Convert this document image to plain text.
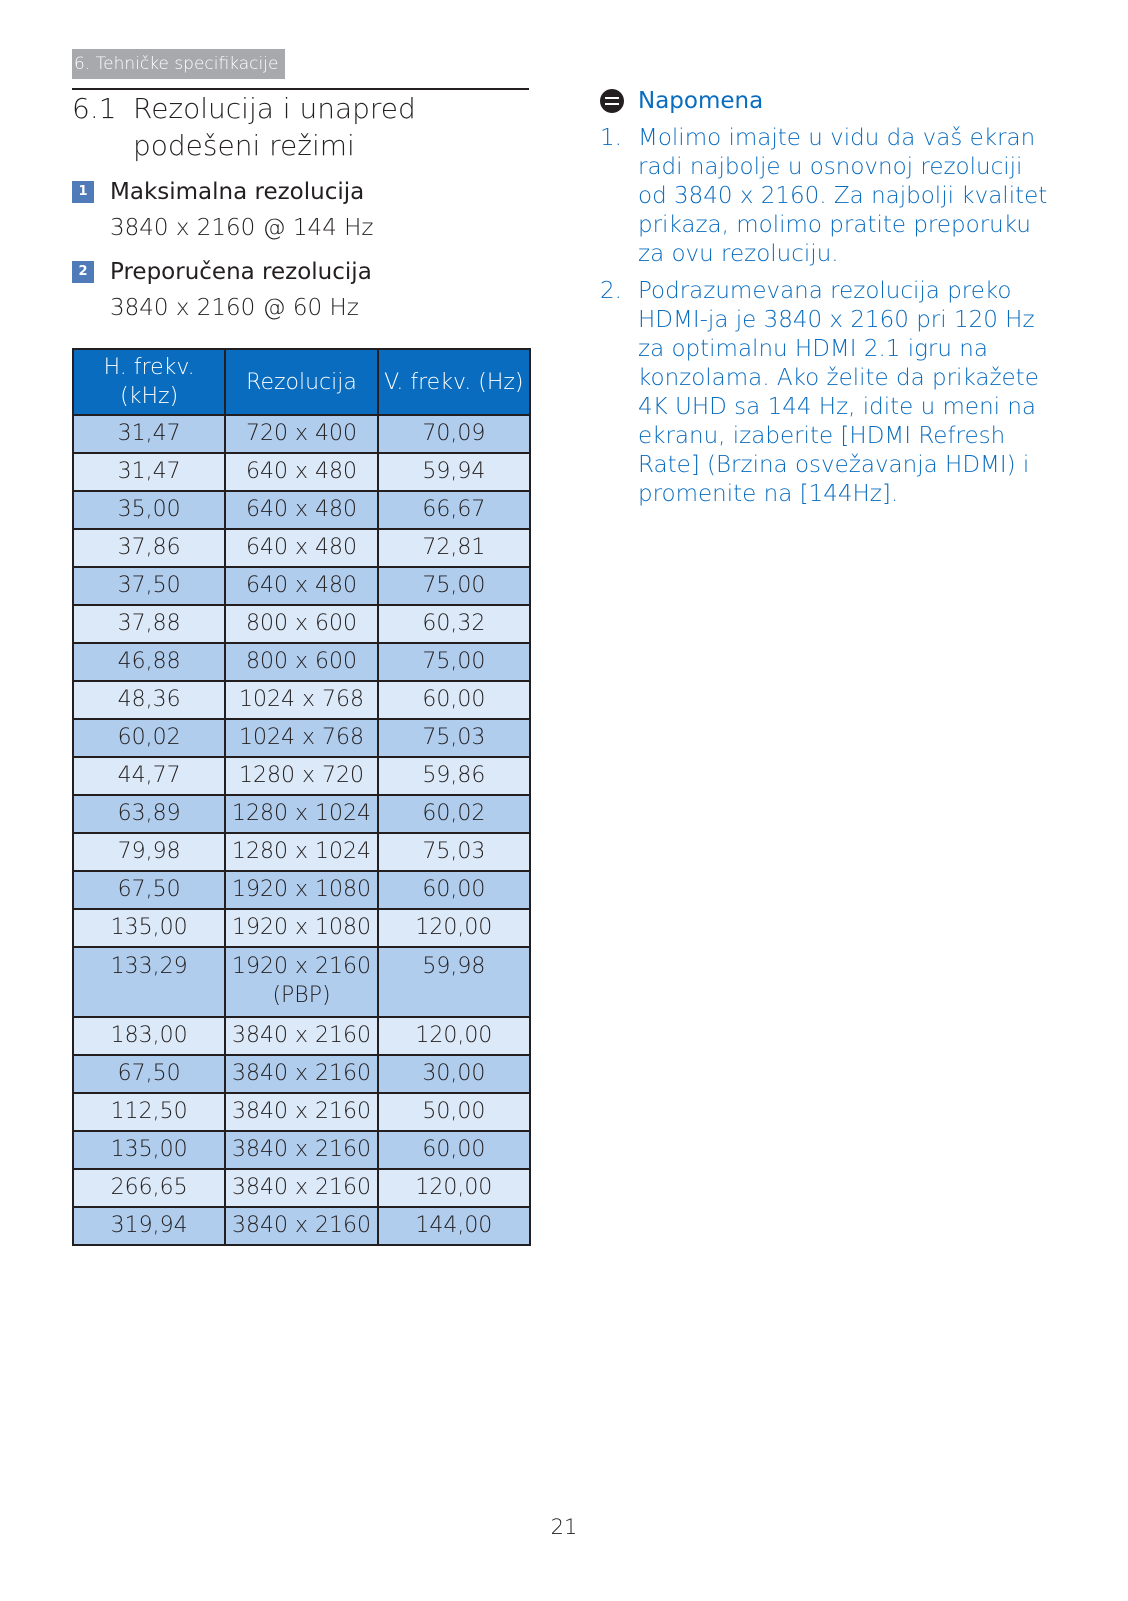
6. Tehničke specifikacije
6.1 Rezolucija i unapred podešeni režimi
1 Maksimalna rezolucija
3840 x 2160 @ 144 Hz
2 Preporučena rezolucija
3840 x 2160 @ 60 Hz
H. frekv. (kHz)	Rezolucija	V. frekv. (Hz)
31,47	720 x 400	70,09
31,47	640 x 480	59,94
35,00	640 x 480	66,67
37,86	640 x 480	72,81
37,50	640 x 480	75,00
37,88	800 x 600	60,32
46,88	800 x 600	75,00
48,36	1024 x 768	60,00
60,02	1024 x 768	75,03
44,77	1280 x 720	59,86
63,89	1280 x 1024	60,02
79,98	1280 x 1024	75,03
67,50	1920 x 1080	60,00
135,00	1920 x 1080	120,00
133,29	1920 x 2160 (PBP)	59,98
183,00	3840 x 2160	120,00
67,50	3840 x 2160	30,00
112,50	3840 x 2160	50,00
135,00	3840 x 2160	60,00
266,65	3840 x 2160	120,00
319,94	3840 x 2160	144,00
Napomena
1. Molimo imajte u vidu da vaš ekran radi najbolje u osnovnoj rezoluciji od 3840 x 2160. Za najbolji kvalitet prikaza, molimo pratite preporuku za ovu rezoluciju.
2. Podrazumevana rezolucija preko HDMI-ja je 3840 x 2160 pri 120 Hz za optimalnu HDMI 2.1 igru na konzolama. Ako želite da prikažete 4K UHD sa 144 Hz, idite u meni na ekranu, izaberite [HDMI Refresh Rate] (Brzina osvežavanja HDMI) i promenite na [144Hz].
21
